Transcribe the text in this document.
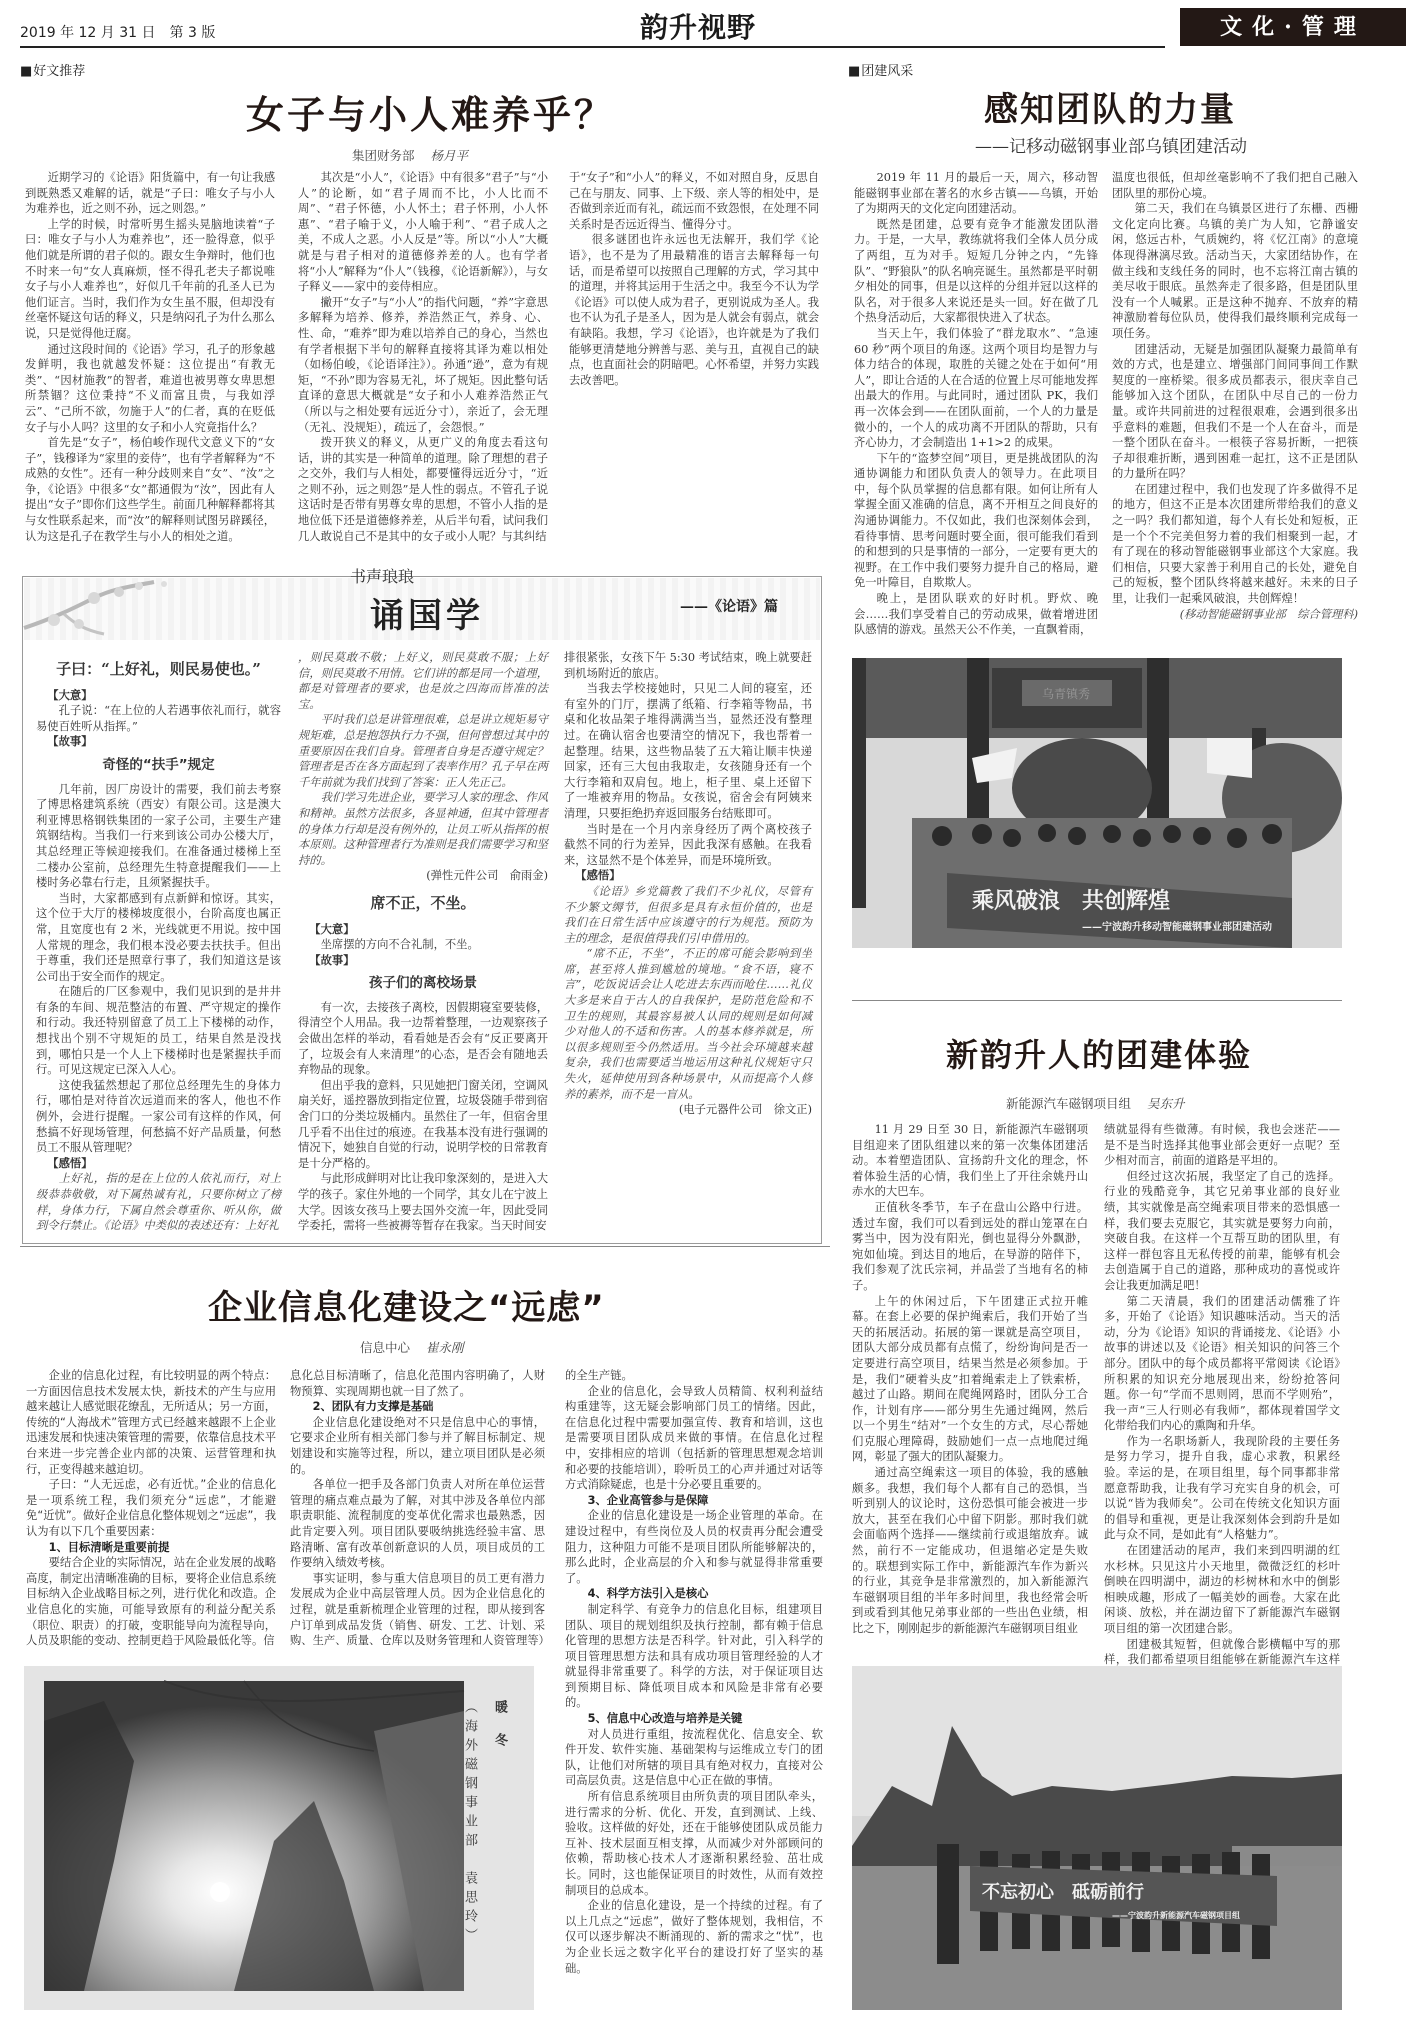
2019 年 12 月 31 日　第 3 版	韵升视野	文化·管理
■ 好文推荐
女子与小人难养乎？
集团财务部 杨月平

近期学习的《论语》阳货篇中，有一句让我感到既熟悉又难解的话，就是“子曰：唯女子与小人为难养也，近之则不孙，远之则怨。”

上学的时候，时常听男生摇头晃脑地读着“子曰：唯女子与小人为难养也”，还一脸得意，似乎他们就是所谓的君子似的。跟女生争辩时，他们也不时来一句“女人真麻烦，怪不得孔老夫子都说唯女子与小人难养也”，好似几千年前的孔圣人已为他们证言。当时，我们作为女生虽不服，但却没有丝毫怀疑这句话的释义，只是纳闷孔子为什么那么说，只是觉得他迂腐。

通过这段时间的《论语》学习，孔子的形象越发鲜明，我也就越发怀疑：这位提出“有教无类”、“因材施教”的智者，难道也被男尊女卑思想所禁锢？这位秉持“不义而富且贵，与我如浮云”、“己所不欲，勿施于人”的仁者，真的在贬低女子与小人吗？这里的女子和小人究竟指什么？

首先是“女子”，杨伯峻作现代文意义下的“女子”，钱穆译为“家里的妾侍”，也有学者解释为“不成熟的女性”。还有一种分歧则来自“女”、“汝”之争，《论语》中很多“女”都通假为“汝”，因此有人提出“女子”即你们这些学生。前面几种解释都将其与女性联系起来，而“汝”的解释则试图另辟蹊径，认为这是孔子在教学生与小人的相处之道。

其次是“小人”，《论语》中有很多“君子”与“小人”的论断，如“君子周而不比，小人比而不周”、“君子怀德，小人怀土；君子怀刑，小人怀惠”、“君子喻于义，小人喻于利”、“君子成人之美，不成人之恶。小人反是”等。所以“小人”大概就是与君子相对的道德修养差的人。也有学者将“小人”解释为“仆人”（钱穆，《论语新解》），与女子释义——家中的妾侍相应。

撇开“女子”与“小人”的指代问题，“养”字意思多解释为培养、修养，养浩然正气，养身、心、性、命，“难养”即为难以培养自己的身心，当然也有学者根据下半句的解释直接将其译为难以相处（如杨伯峻，《论语译注》）。孙通“逊”，意为有规矩，“不孙”即为容易无礼，坏了规矩。因此整句话直译的意思大概就是“女子和小人难养浩然正气（所以与之相处要有远近分寸），亲近了，会无理（无礼、没规矩），疏远了，会怨恨。”

拨开狭义的释义，从更广义的角度去看这句话，讲的其实是一种简单的道理。除了理想的君子之交外，我们与人相处，都要懂得远近分寸，“近之则不孙，远之则怨”是人性的弱点。不管孔子说这话时是否带有男尊女卑的思想，不管小人指的是地位低下还是道德修养差，从后半句看，试问我们几人敢说自己不是其中的女子或小人呢？与其纠结

于“女子”和“小人”的释义，不如对照自身，反思自己在与朋友、同事、上下级、亲人等的相处中，是否做到亲近而有礼，疏远而不致怨恨，在处理不同关系时是否远近得当、懂得分寸。

很多谜团也许永远也无法解开，我们学《论语》，也不是为了用最精准的语言去解释每一句话，而是希望可以按照自己理解的方式，学习其中的道理，并将其运用于生活之中。我至今不认为学《论语》可以使人成为君子，更别说成为圣人。我也不认为孔子是圣人，因为是人就会有弱点，就会有缺陷。我想，学习《论语》，也许就是为了我们能够更清楚地分辨善与恶、美与丑，直视自己的缺点，也直面社会的阴暗吧。心怀希望，并努力实践去改善吧。

书声琅琅
诵国学	——《论语》篇

子曰：“上好礼，则民易使也。”

【大意】

孔子说：“在上位的人若遇事依礼而行，就容易使百姓听从指挥。”

【故事】

奇怪的“扶手”规定

几年前，因厂房设计的需要，我们前去考察了博思格建筑系统（西安）有限公司。这是澳大利亚博思格钢铁集团的一家子公司，主要生产建筑钢结构。当我们一行来到该公司办公楼大厅，其总经理正等候迎接我们。在准备通过楼梯上至二楼办公室前，总经理先生特意提醒我们——上楼时务必靠右行走，且须紧握扶手。

当时，大家都感到有点新鲜和惊讶。其实，这个位于大厅的楼梯坡度很小，台阶高度也属正常，且宽度也有 2 米，光线就更不用说。按中国人常规的理念，我们根本没必要去扶扶手。但出于尊重，我们还是照章行事了，我们知道这是该公司出于安全而作的规定。

在随后的厂区参观中，我们见识到的是井井有条的车间、规范整洁的布置、严守规定的操作和行动。我还特别留意了员工上下楼梯的动作，想找出个别不守规矩的员工，结果自然是没找到，哪怕只是一个人上下楼梯时也是紧握扶手而行。可见这规定已深入人心。

这使我猛然想起了那位总经理先生的身体力行，哪怕是对待首次远道而来的客人，他也不作例外，会进行提醒。一家公司有这样的作风，何愁搞不好现场管理，何愁搞不好产品质量，何愁员工不服从管理呢？

【感悟】

上好礼，指的是在上位的人依礼而行，对上级恭恭敬敬，对下属热诚有礼，只要你树立了榜样，身体力行，下属自然会尊重你、听从你，做到令行禁止。《论语》中类似的表述还有：上好礼

，则民莫敢不敬；上好义，则民莫敢不服；上好信，则民莫敢不用情。它们讲的都是同一个道理，都是对管理者的要求，也是放之四海而皆准的法宝。

平时我们总是讲管理很难，总是讲立规矩易守规矩难，总是抱怨执行力不强，但何曾想过其中的重要原因在我们自身。管理者自身是否遵守规定？管理者是否在各方面起到了表率作用？孔子早在两千年前就为我们找到了答案：正人先正己。

我们学习先进企业，要学习人家的理念、作风和精神。虽然方法很多，各显神通，但其中管理者的身体力行却是没有例外的，让员工听从指挥的根本原则。这种管理者行为准则是我们需要学习和坚持的。

(弹性元件公司　俞雨金)

席不正，不坐。

【大意】

坐席摆的方向不合礼制，不坐。

【故事】

孩子们的离校场景

有一次，去接孩子离校，因假期寝室要装修，得清空个人用品。我一边帮着整理，一边观察孩子会做出怎样的举动，看看她是否会有“反正要离开了，垃圾会有人来清理”的心态，是否会有随地丢弃物品的现象。

但出乎我的意料，只见她把门窗关闭，空调风扇关好，遥控器放到指定位置，垃圾袋随手带到宿舍门口的分类垃圾桶内。虽然住了一年，但宿舍里几乎看不出住过的痕迹。在我基本没有进行强调的情况下，她独自自觉的行动，说明学校的日常教育是十分严格的。

与此形成鲜明对比让我印象深刻的，是进入大学的孩子。家住外地的一个同学，其女儿在宁波上大学。因该女孩马上要去国外交流一年，因此受同学委托，需将一些被褥等暂存在我家。当天时间安

排很紧张，女孩下午 5:30 考试结束，晚上就要赶到机场附近的旅店。

当我去学校接她时，只见二人间的寝室，还有室外的门厅，摆满了纸箱、行李箱等物品，书桌和化妆品架子堆得满满当当，显然还没有整理过。在确认宿舍也要清空的情况下，我也帮着一起整理。结果，这些物品装了五大箱让顺丰快递回家，还有三大包由我取走，女孩随身还有一个大行李箱和双肩包。地上，柜子里、桌上还留下了一堆被弃用的物品。女孩说，宿舍会有阿姨来清理，只要拒绝扔弃返回服务台结账即可。

当时是在一个月内亲身经历了两个离校孩子截然不同的行为差异，因此我深有感触。在我看来，这显然不是个体差异，而是环境所致。

【感悟】

《论语》乡党篇教了我们不少礼仪，尽管有不少繁文缛节，但很多是具有永恒价值的，也是我们在日常生活中应该遵守的行为规范。预防为主的理念，是很值得我们引申借用的。

“席不正，不坐”，不正的席可能会影响到坐席，甚至将人推到尴尬的境地。“食不语，寝不言”，吃饭说话会让人吃进去东西而呛住……礼仪大多是来自于古人的自我保护，是防范危险和不卫生的规则，其最容易被人认同的规则是如何减少对他人的不适和伤害。人的基本修养就是，所以很多规则至今仍然适用。当今社会环境越来越复杂，我们也需要适当地运用这种礼仪规矩守只失火，延伸使用到各种场景中，从而提高个人修养的素养，而不是一盲从。

(电子元器件公司　徐文正)

企业信息化建设之“远虑”
信息中心 崔永刚

企业的信息化过程，有比较明显的两个特点：一方面因信息技术发展太快，新技术的产生与应用越来越让人感觉眼花缭乱，无所适从；另一方面，传统的“人海战术”管理方式已经越来越跟不上企业迅速发展和快速决策管理的需要，依靠信息技术平台来进一步完善企业内部的决策、运营管理和执行，正变得越来越迫切。

子曰：“人无远虑，必有近忧。”企业的信息化是一项系统工程，我们须充分“远虑”，才能避免“近忧”。做好企业信息化整体规划之“远虑”，我认为有以下几个重要因素：

1、目标清晰是重要前提

要结合企业的实际情况，站在企业发展的战略高度，制定出清晰准确的目标，要将企业信息系统目标纳入企业战略目标之列，进行优化和改造。企业信息化的实施，可能导致原有的利益分配关系（职位、职责）的打破，变职能导向为流程导向，人员及职能的变动、控制更趋于风险最低化等。信

息化总目标清晰了，信息化范围内容明确了，人财物预算、实现周期也就一目了然了。

2、团队有力支撑是基础

企业信息化建设绝对不只是信息中心的事情，它要求企业所有相关部门参与并了解目标制定、规划建设和实施等过程，所以，建立项目团队是必须的。

各单位一把手及各部门负责人对所在单位运营管理的痛点难点最为了解，对其中涉及各单位内部职责职能、流程制度的变革优化需求也最熟悉，因此肯定要入列。项目团队要吸纳挑选经验丰富、思路清晰、富有改革创新意识的人员，项目成员的工作要纳入绩效考核。

事实证明，参与重大信息项目的员工更有潜力发展成为企业中高层管理人员。因为企业信息化的过程，就是重新梳理企业管理的过程，即从接到客户订单到成品发货（销售、研发、工艺、计划、采购、生产、质量、仓库以及财务管理和人资管理等）

的全生产链。

企业的信息化，会导致人员精简、权利利益结构重建等，这无疑会影响部门员工的情绪。因此，在信息化过程中需要加强宣传、教育和培训，这也是需要项目团队成员来做的事情。在信息化过程中，安排相应的培训（包括新的管理思想观念培训和必要的技能培训），聆听员工的心声并通过对话等方式消除疑虑，也是十分必要且重要的。

3、企业高管参与是保障

企业的信息化建设是一场企业管理的革命。在建设过程中，有些岗位及人员的权责再分配会遭受阻力，这种阻力可能不是项目团队所能够解决的，那么此时，企业高层的介入和参与就显得非常重要了。

4、科学方法引入是核心

制定科学、有竞争力的信息化目标，组建项目团队、项目的规划组织及执行控制，都有赖于信息化管理的思想方法是否科学。针对此，引入科学的项目管理思想方法和具有成功项目管理经验的人才就显得非常重要了。科学的方法，对于保证项目达到预期目标、降低项目成本和风险是非常有必要的。

5、信息中心改造与培养是关键

对人员进行重组，按流程优化、信息安全、软件开发、软件实施、基础架构与运维成立专门的团队，让他们对所辖的项目具有绝对权力，直接对公司高层负责。这是信息中心正在做的事情。

所有信息系统项目由所负责的项目团队牵头，进行需求的分析、优化、开发，直到测试、上线、验收。这样做的好处，还在于能够使团队成员能力互补、技术层面互相支撑，从而减少对外部顾问的依赖，帮助核心技术人才逐渐积累经验、茁壮成长。同时，这也能保证项目的时效性，从而有效控制项目的总成本。

企业的信息化建设，是一个持续的过程。有了以上几点之“远虑”，做好了整体规划，我相信，不仅可以逐步解决不断涌现的、新的需求之“忧”，也为企业长远之数字化平台的建设打好了坚实的基础。

暖冬
（海外磁钢事业部　袁思玲）
■ 团建风采
感知团队的力量
——记移动磁钢事业部乌镇团建活动

2019 年 11 月的最后一天，周六，移动智能磁钢事业部在著名的水乡古镇——乌镇，开始了为期两天的文化定向团建活动。

既然是团建，总要有竞争才能激发团队潜力。于是，一大早，教练就将我们全体人员分成了两组，互为对手。短短几分钟之内，“先锋队”、“野狼队”的队名响亮诞生。虽然都是平时朝夕相处的同事，但是以这样的分组并冠以这样的队名，对于很多人来说还是头一回。好在做了几个热身活动后，大家都很快进入了状态。

当天上午，我们体验了“群龙取水”、“急速 60 秒”两个项目的角逐。这两个项目均是智力与体力结合的体现，取胜的关键之处在于如何“用人”，即让合适的人在合适的位置上尽可能地发挥出最大的作用。与此同时，通过团队 PK，我们再一次体会到——在团队面前，一个人的力量是微小的，一个人的成功离不开团队的帮助，只有齐心协力，才会制造出 1+1>2 的成果。

下午的“盗梦空间”项目，更是挑战团队的沟通协调能力和团队负责人的领导力。在此项目中，每个队员掌握的信息都有限。如何让所有人掌握全面又准确的信息，离不开相互之间良好的沟通协调能力。不仅如此，我们也深刻体会到，看待事情、思考问题时要全面，很可能我们看到的和想到的只是事情的一部分，一定要有更大的视野。在工作中我们要努力提升自己的格局，避免一叶障目，自欺欺人。

晚上，是团队联欢的好时机。野炊、晚会……我们享受着自己的劳动成果，做着增进团队感情的游戏。虽然天公不作美，一直飘着雨，

温度也很低，但却丝毫影响不了我们把自己融入团队里的那份心境。

第二天，我们在乌镇景区进行了东栅、西栅文化定向比赛。乌镇的美广为人知，它静谧安闲，悠远古朴，气质婉约，将《忆江南》的意境体现得淋漓尽致。活动当天，大家团结协作，在做主线和支线任务的同时，也不忘将江南古镇的美尽收于眼底。虽然奔走了很多路，但是团队里没有一个人喊累。正是这种不抛弃、不放弃的精神激励着每位队员，使得我们最终顺利完成每一项任务。

团建活动，无疑是加强团队凝聚力最简单有效的方式，也是建立、增强部门间同事间工作默契度的一座桥梁。很多成员都表示，很庆幸自己能够加入这个团队，在团队中尽自己的一份力量。或许共同前进的过程很艰难，会遇到很多出乎意料的难题，但我们不是一个人在奋斗，而是一整个团队在奋斗。一根筷子容易折断，一把筷子却很难折断，遇到困难一起扛，这不正是团队的力量所在吗？

在团建过程中，我们也发现了许多做得不足的地方，但这不正是本次团建所带给我们的意义之一吗？我们都知道，每个人有长处和短板，正是一个个不完美但努力着的我们相聚到一起，才有了现在的移动智能磁钢事业部这个大家庭。我们相信，只要大家善于利用自己的长处，避免自己的短板，整个团队终将越来越好。未来的日子里，让我们一起乘风破浪，共创辉煌！

(移动智能磁钢事业部　综合管理科)

乘风破浪　共创辉煌
——宁波韵升移动智能磁钢事业部团建活动
乌青镇秀
新韵升人的团建体验
新能源汽车磁钢项目组 吴东升

11 月 29 日至 30 日，新能源汽车磁钢项目组迎来了团队组建以来的第一次集体团建活动。本着塑造团队、宣扬韵升文化的理念，怀着体验生活的心情，我们坐上了开往余姚丹山赤水的大巴车。

正值秋冬季节，车子在盘山公路中行进。透过车窗，我们可以看到远处的群山笼罩在白雾当中，因为没有阳光，倒也显得分外飘渺，宛如仙境。到达目的地后，在导游的陪伴下，我们参观了沈氏宗祠，并品尝了当地有名的柿子。

上午的休闲过后，下午团建正式拉开帷幕。在套上必要的保护绳索后，我们开始了当天的拓展活动。拓展的第一课就是高空项目，团队大部分成员都有点慌了，纷纷询问是否一定要进行高空项目，结果当然是必须参加。于是，我们“硬着头皮”扣着绳索走上了铁索桥，越过了山路。期间在爬绳网路时，团队分工合作，计划有序——部分男生先通过绳网，然后以一个男生“结对”一个女生的方式，尽心帮她们克服心理障碍，鼓励她们一点一点地爬过绳网，彰显了强大的团队凝聚力。

通过高空绳索这一项目的体验，我的感触颇多。我想，我们每个人都有自己的恐惧，当听到别人的议论时，这份恐惧可能会被进一步放大，甚至在我们心中留下阴影。那时我们就会面临两个选择——继续前行或退缩放弃。诚然，前行不一定能成功，但退缩必定是失败的。联想到实际工作中，新能源汽车作为新兴的行业，其竞争是非常激烈的，加入新能源汽车磁钢项目组的半年多时间里，我也经常会听到或看到其他兄弟事业部的一些出色业绩，相比之下，刚刚起步的新能源汽车磁钢项目组业

绩就显得有些微薄。有时候，我也会迷茫——是不是当时选择其他事业部会更好一点呢？至少相对而言，前面的道路是平坦的。

但经过这次拓展，我坚定了自己的选择。行业的残酷竞争，其它兄弟事业部的良好业绩，其实就像是高空绳索项目带来的恐惧感一样，我们要去克服它，其实就是要努力向前，突破自我。在这样一个互帮互助的团队里，有这样一群包容且无私传授的前辈，能够有机会去创造属于自己的道路，那种成功的喜悦或许会让我更加满足吧！

第二天清晨，我们的团建活动儒雅了许多，开始了《论语》知识趣味活动。当天的活动，分为《论语》知识的背诵接龙、《论语》小故事的讲述以及《论语》相关知识的问答三个部分。团队中的每个成员都将平常阅读《论语》所积累的知识充分地展现出来，纷纷抢答问题。你一句“学而不思则罔，思而不学则殆”，我一声“三人行则必有我师”，都体现着国学文化带给我们内心的熏陶和升华。

作为一名职场新人，我现阶段的主要任务是努力学习，提升自我，虚心求教，积累经验。幸运的是，在项目组里，每个同事都非常愿意帮助我，让我有学习充实自身的机会，可以说“皆为我师矣”。公司在传统文化知识方面的倡导和重视，更是让我深刻体会到韵升是如此与众不同，是如此有“人格魅力”。

在团建活动的尾声，我们来到四明湖的红水杉林。只见这片小天地里，微微泛红的杉叶倒映在四明湖中，湖边的杉树林和水中的倒影相映成趣，形成了一幅美妙的画卷。大家在此闲谈、放松，并在湖边留下了新能源汽车磁钢项目组的第一次团建合影。

团建极其短暂，但就像合影横幅中写的那样，我们都希望项目组能够在新能源汽车这样

不忘初心　砥砺前行
——宁波韵升新能源汽车磁钢项目组
